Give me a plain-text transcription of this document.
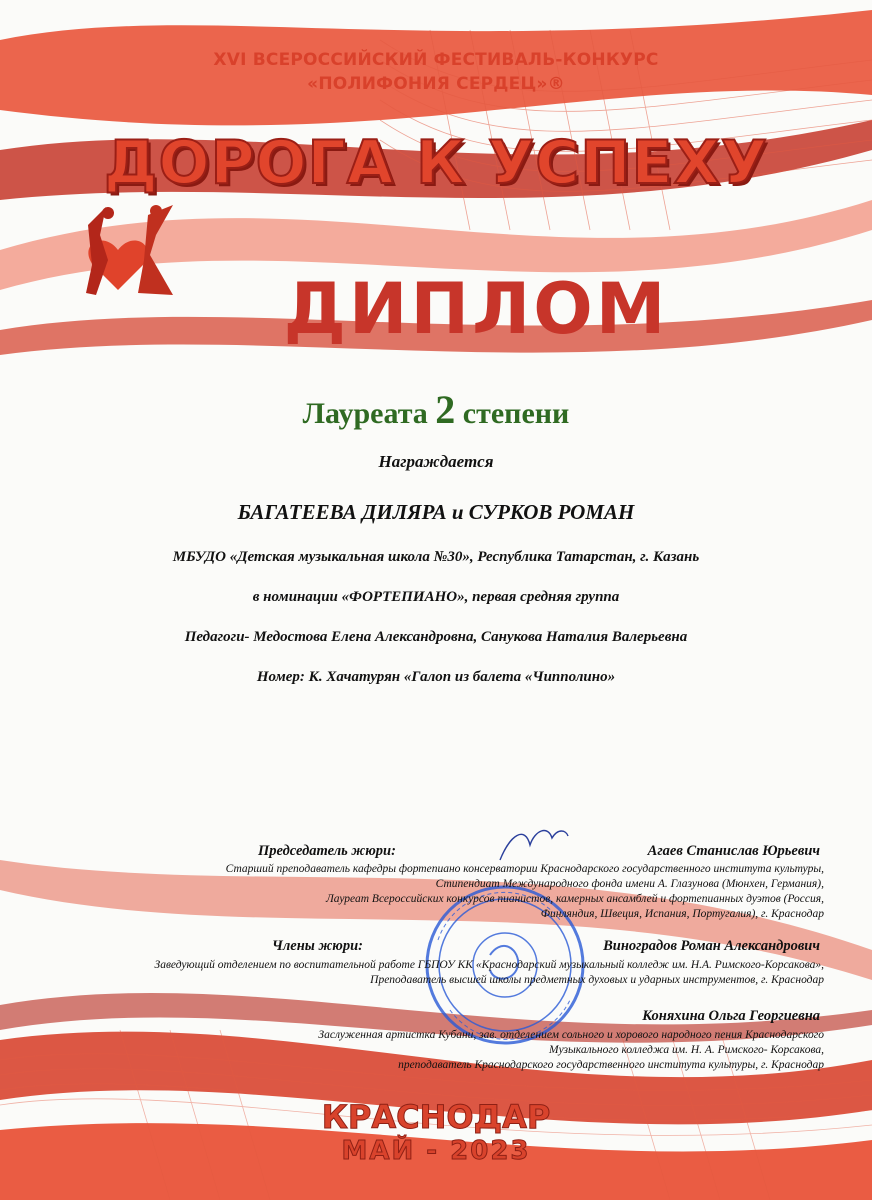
XVI ВСЕРОССИЙСКИЙ ФЕСТИВАЛЬ-КОНКУРС

«ПОЛИФОНИЯ СЕРДЕЦ»®

ДОРОГА К УСПЕХУ

ДИПЛОМ

Лауреата 2 степени

Награждается

БАГАТЕЕВА ДИЛЯРА и СУРКОВ РОМАН

МБУДО «Детская музыкальная школа №30», Республика Татарстан, г. Казань

в номинации «ФОРТЕПИАНО», первая средняя группа

Педагоги- Медостова Елена Александровна, Санукова Наталия Валерьевна

Номер: К. Хачатурян «Галоп из балета «Чипполино»

Председатель жюри:	Агаев Станислав Юрьевич

Старший преподаватель кафедры фортепиано консерватории Краснодарского государственного института культуры,
Стипендиат Международного фонда имени А. Глазунова (Мюнхен, Германия),
Лауреат Всероссийских конкурсов пианистов, камерных ансамблей и фортепианных дуэтов (Россия,
Финляндия, Швеция, Испания, Португалия), г. Краснодар

Члены жюри:	Виноградов Роман Александрович

Заведующий отделением по воспитательной работе ГБПОУ КК «Краснодарский музыкальный колледж им. Н.А. Римского-Корсакова»,
Преподаватель высшей школы предметных духовых и ударных инструментов, г. Краснодар

Коняхина Ольга Георгиевна

Заслуженная артистка Кубани, зав. отделением сольного и хорового народного пения Краснодарского
Музыкального колледжа им. Н. А. Римского- Корсакова,
преподаватель Краснодарского государственного института культуры, г. Краснодар

КРАСНОДАР

МАЙ - 2023
